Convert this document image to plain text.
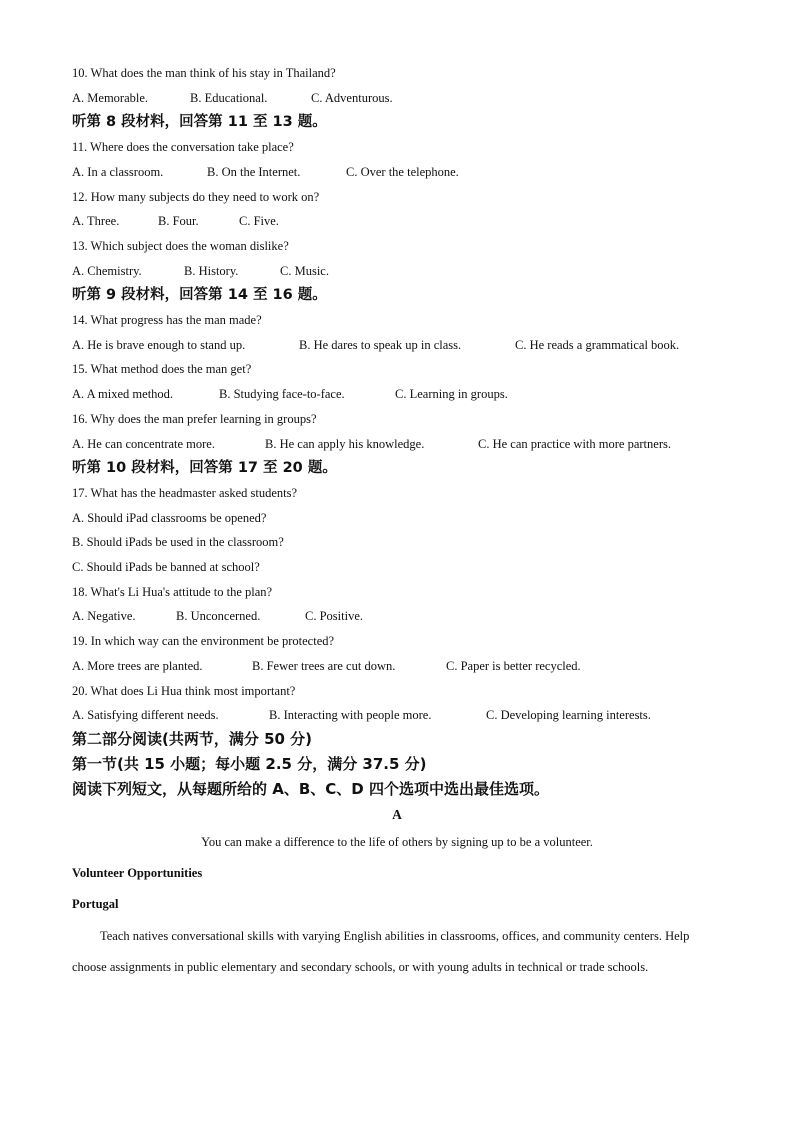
10. What does the man think of his stay in Thailand?
A. Memorable.	B. Educational.	C. Adventurous.
听第 8 段材料，回答第 11 至 13 题。
11. Where does the conversation take place?
A. In a classroom.	B. On the Internet.	C. Over the telephone.
12. How many subjects do they need to work on?
A. Three.	B. Four.	C. Five.
13. Which subject does the woman dislike?
A. Chemistry.	B. History.	C. Music.
听第 9 段材料，回答第 14 至 16 题。
14. What progress has the man made?
A. He is brave enough to stand up.	B. He dares to speak up in class.	C. He reads a grammatical book.
15. What method does the man get?
A. A mixed method.	B. Studying face-to-face.	C. Learning in groups.
16. Why does the man prefer learning in groups?
A. He can concentrate more.	B. He can apply his knowledge.	C. He can practice with more partners.
听第 10 段材料，回答第 17 至 20 题。
17. What has the headmaster asked students?
A. Should iPad classrooms be opened?
B. Should iPads be used in the classroom?
C. Should iPads be banned at school?
18. What's Li Hua's attitude to the plan?
A. Negative.	B. Unconcerned.	C. Positive.
19. In which way can the environment be protected?
A. More trees are planted.	B. Fewer trees are cut down.	C. Paper is better recycled.
20. What does Li Hua think most important?
A. Satisfying different needs.	B. Interacting with people more.	C. Developing learning interests.
第二部分阅读(共两节，满分 50 分)
第一节(共 15 小题；每小题 2.5 分，满分 37.5 分)
阅读下列短文，从每题所给的 A、B、C、D 四个选项中选出最佳选项。
A
You can make a difference to the life of others by signing up to be a volunteer.
Volunteer Opportunities
Portugal
Teach natives conversational skills with varying English abilities in classrooms, offices, and community centers. Help choose assignments in public elementary and secondary schools, or with young adults in technical or trade schools.
